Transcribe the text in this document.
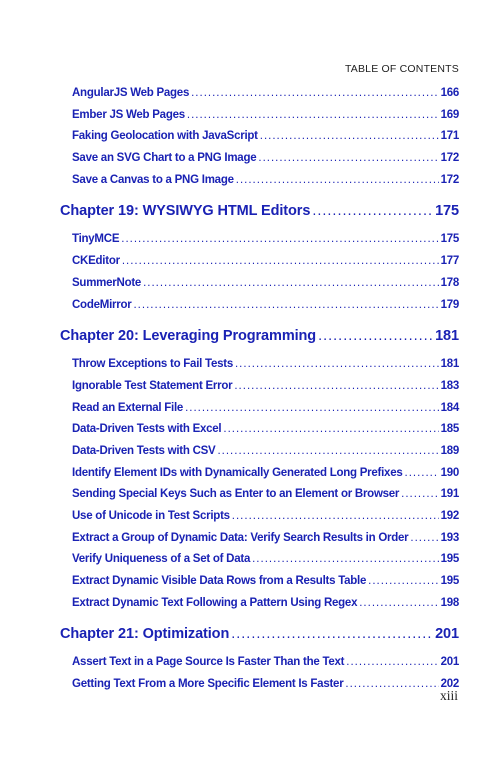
TABLE OF CONTENTS
AngularJS Web Pages .....	166
Ember JS Web Pages .....	169
Faking Geolocation with JavaScript .....	171
Save an SVG Chart to a PNG Image .....	172
Save a Canvas to a PNG Image .....	172
Chapter 19: WYSIWYG HTML Editors .....	175
TinyMCE .....	175
CKEditor .....	177
SummerNote .....	178
CodeMirror .....	179
Chapter 20: Leveraging Programming .....	181
Throw Exceptions to Fail Tests .....	181
Ignorable Test Statement Error .....	183
Read an External File .....	184
Data-Driven Tests with Excel .....	185
Data-Driven Tests with CSV .....	189
Identify Element IDs with Dynamically Generated Long Prefixes .....	190
Sending Special Keys Such as Enter to an Element or Browser .....	191
Use of Unicode in Test Scripts .....	192
Extract a Group of Dynamic Data: Verify Search Results in Order .....	193
Verify Uniqueness of a Set of Data .....	195
Extract Dynamic Visible Data Rows from a Results Table .....	195
Extract Dynamic Text Following a Pattern Using Regex .....	198
Chapter 21: Optimization .....	201
Assert Text in a Page Source Is Faster Than the Text .....	201
Getting Text From a More Specific Element Is Faster .....	202
xiii
